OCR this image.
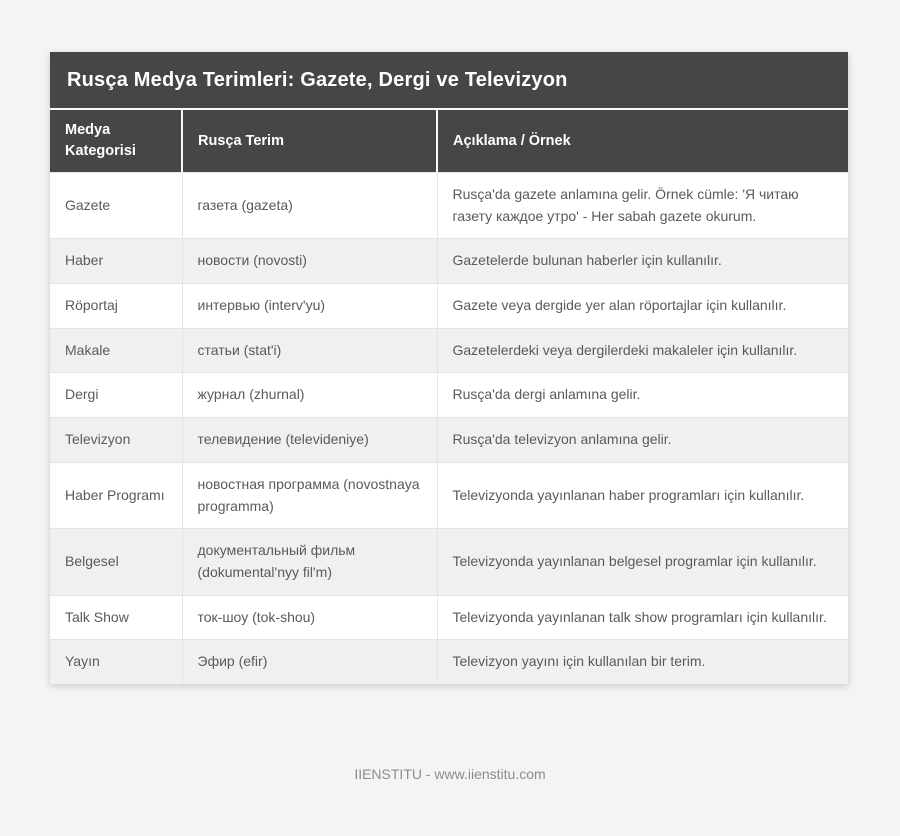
Rusça Medya Terimleri: Gazete, Dergi ve Televizyon
Medya Kategorisi	Rusça Terim	Açıklama / Örnek
Gazete	газета (gazeta)	Rusça'da gazete anlamına gelir. Örnek cümle: 'Я читаю газету каждое утро' - Her sabah gazete okurum.
Haber	новости (novosti)	Gazetelerde bulunan haberler için kullanılır.
Röportaj	интервью (interv'yu)	Gazete veya dergide yer alan röportajlar için kullanılır.
Makale	статьи (stat'i)	Gazetelerdeki veya dergilerdeki makaleler için kullanılır.
Dergi	журнал (zhurnal)	Rusça'da dergi anlamına gelir.
Televizyon	телевидение (televideniye)	Rusça'da televizyon anlamına gelir.
Haber Programı	новостная программа (novostnaya programma)	Televizyonda yayınlanan haber programları için kullanılır.
Belgesel	документальный фильм (dokumental'nyy fil'm)	Televizyonda yayınlanan belgesel programlar için kullanılır.
Talk Show	ток-шоу (tok-shou)	Televizyonda yayınlanan talk show programları için kullanılır.
Yayın	Эфир (efir)	Televizyon yayını için kullanılan bir terim.
IIENSTITU - www.iienstitu.com
